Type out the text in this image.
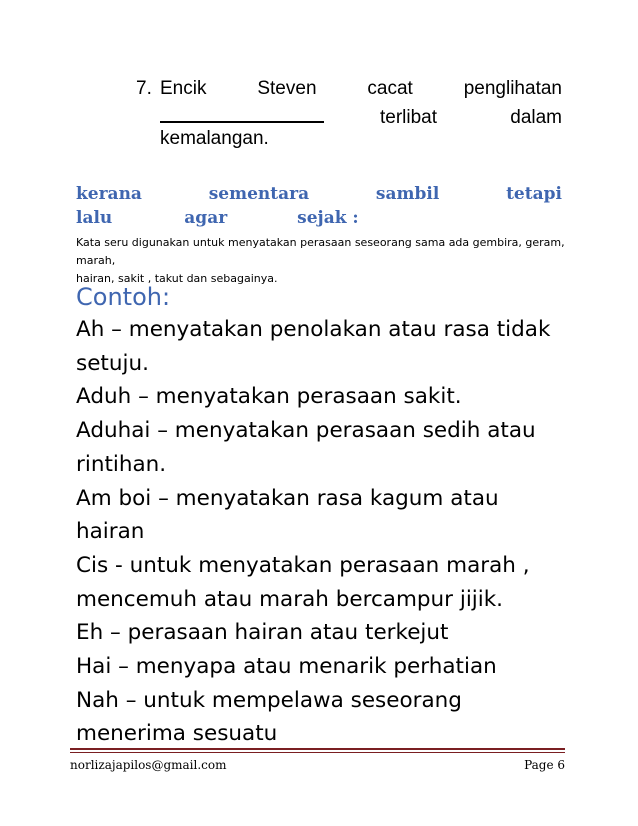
7. Encik	Steven	cacat	penglihatan
terlibat	dalam
kemalangan.
kerana	sementara	sambil	tetapi
lalu	agar	sejak :
Kata seru digunakan untuk menyatakan perasaan seseorang sama ada gembira, geram, marah,
hairan, sakit , takut dan sebagainya.
Contoh:
Ah – menyatakan penolakan atau rasa tidak
setuju.
Aduh – menyatakan perasaan sakit.
Aduhai – menyatakan perasaan sedih atau
rintihan.
Am boi – menyatakan rasa kagum atau
hairan
Cis - untuk menyatakan perasaan marah ,
mencemuh atau marah bercampur jijik.
Eh – perasaan hairan atau terkejut
Hai – menyapa atau menarik perhatian
Nah – untuk mempelawa seseorang
menerima sesuatu
norlizajapilos@gmail.com	Page 6
